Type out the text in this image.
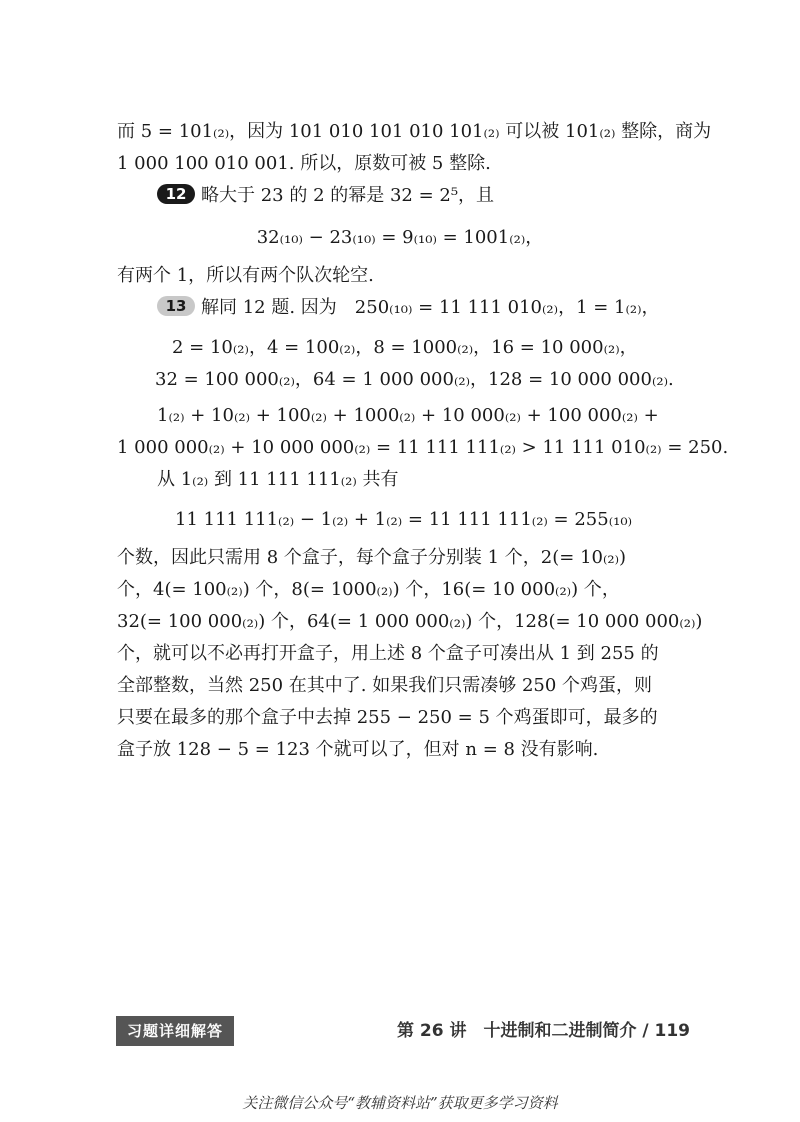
而 5 = 101₍₂₎，因为 101 010 101 010 101₍₂₎ 可以被 101₍₂₎ 整除，商为
1 000 100 010 001. 所以，原数可被 5 整除.
12 略大于 23 的 2 的幂是 32 = 2⁵，且
32₍₁₀₎ − 23₍₁₀₎ = 9₍₁₀₎ = 1001₍₂₎，
有两个 1，所以有两个队次轮空.
13 解同 12 题. 因为　250₍₁₀₎ = 11 111 010₍₂₎，1 = 1₍₂₎，
2 = 10₍₂₎，4 = 100₍₂₎，8 = 1000₍₂₎，16 = 10 000₍₂₎，
32 = 100 000₍₂₎，64 = 1 000 000₍₂₎，128 = 10 000 000₍₂₎.
1₍₂₎ + 10₍₂₎ + 100₍₂₎ + 1000₍₂₎ + 10 000₍₂₎ + 100 000₍₂₎ +
1 000 000₍₂₎ + 10 000 000₍₂₎ = 11 111 111₍₂₎ > 11 111 010₍₂₎ = 250.
从 1₍₂₎ 到 11 111 111₍₂₎ 共有
11 111 111₍₂₎ − 1₍₂₎ + 1₍₂₎ = 11 111 111₍₂₎ = 255₍₁₀₎
个数，因此只需用 8 个盒子，每个盒子分别装 1 个，2(= 10₍₂₎)
个，4(= 100₍₂₎) 个，8(= 1000₍₂₎) 个，16(= 10 000₍₂₎) 个，
32(= 100 000₍₂₎) 个，64(= 1 000 000₍₂₎) 个，128(= 10 000 000₍₂₎)
个，就可以不必再打开盒子，用上述 8 个盒子可凑出从 1 到 255 的
全部整数，当然 250 在其中了. 如果我们只需凑够 250 个鸡蛋，则
只要在最多的那个盒子中去掉 255 − 250 = 5 个鸡蛋即可，最多的
盒子放 128 − 5 = 123 个就可以了，但对 n = 8 没有影响.
习题详细解答	第 26 讲　十进制和二进制简介 / 119
关注微信公众号“教辅资料站”获取更多学习资料
